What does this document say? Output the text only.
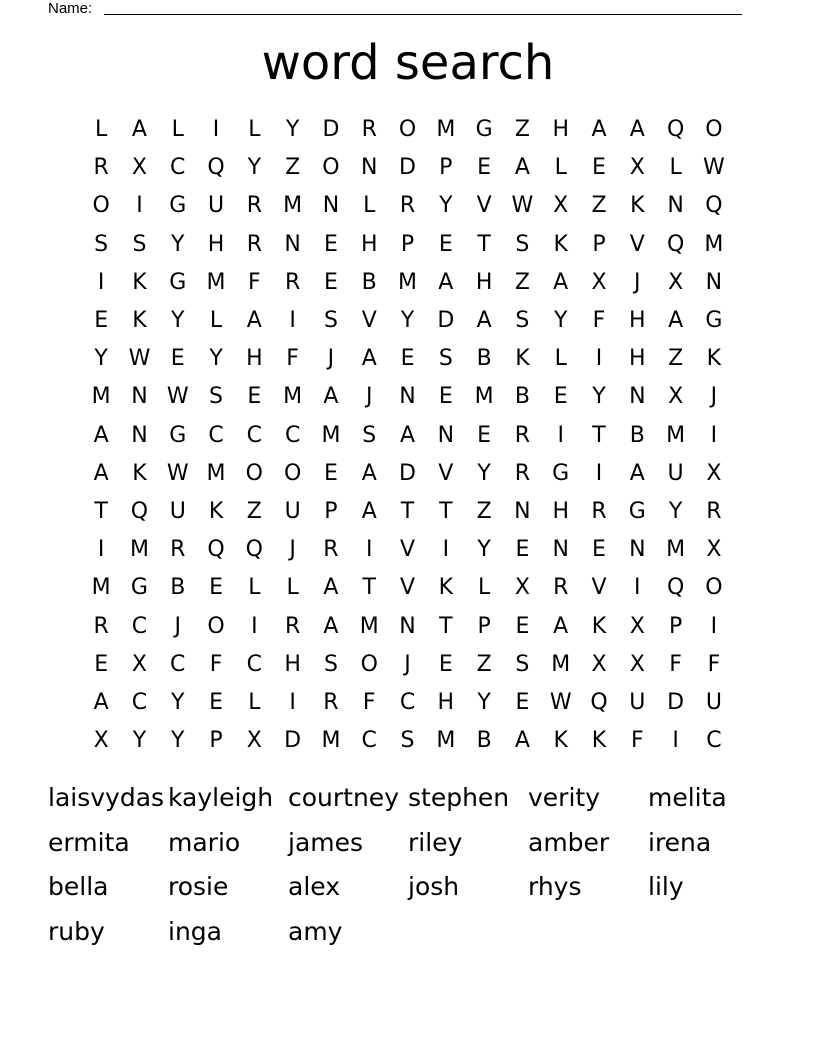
Name:
word search
L	A	L	I	L	Y	D	R O M G	Z	H	A	A	Q O
R	X	C Q	Y	Z	O N D	P	E	A	L	E	X	L W
O	I	G U	R M N	L	R	Y	V W X	Z	K	N Q
S	S	Y	H	R	N	E	H	P	E	T	S	K	P	V	Q M
I	K	G M	F	R	E	B M A	H	Z	A	X	J	X	N
E	K	Y	L	A	I	S	V	Y	D	A	S	Y	F	H	A	G
Y W E	Y	H	F	J	A	E	S	B	K	L	I	H	Z	K
M N W S	E M A	J	N	E M B	E	Y	N	X	J
A	N G	C	C	C M S	A	N	E	R	I	T	B M	I
A	K W M O O	E	A	D	V	Y	R	G	I	A	U	X
T	Q U	K	Z	U	P	A	T	T	Z	N H	R	G	Y	R
I	M R Q Q	J	R	I	V	I	Y	E	N	E	N M X
M G	B	E	L	L	A	T	V	K	L	X	R	V	I	Q O
R	C	J	O	I	R	A M N	T	P	E	A	K	X	P	I
E	X	C	F	C	H	S	O	J	E	Z	S M X	X	F	F
A	C	Y	E	L	I	R	F	C	H	Y	E W Q U D U
X	Y	Y	P	X	D M C	S M B	A	K	K	F	I	C
laisvydas kayleigh courtney stephen verity	melita
ermita	mario	james	riley	amber	irena
bella	rosie	alex	josh	rhys	lily
ruby	inga	amy
